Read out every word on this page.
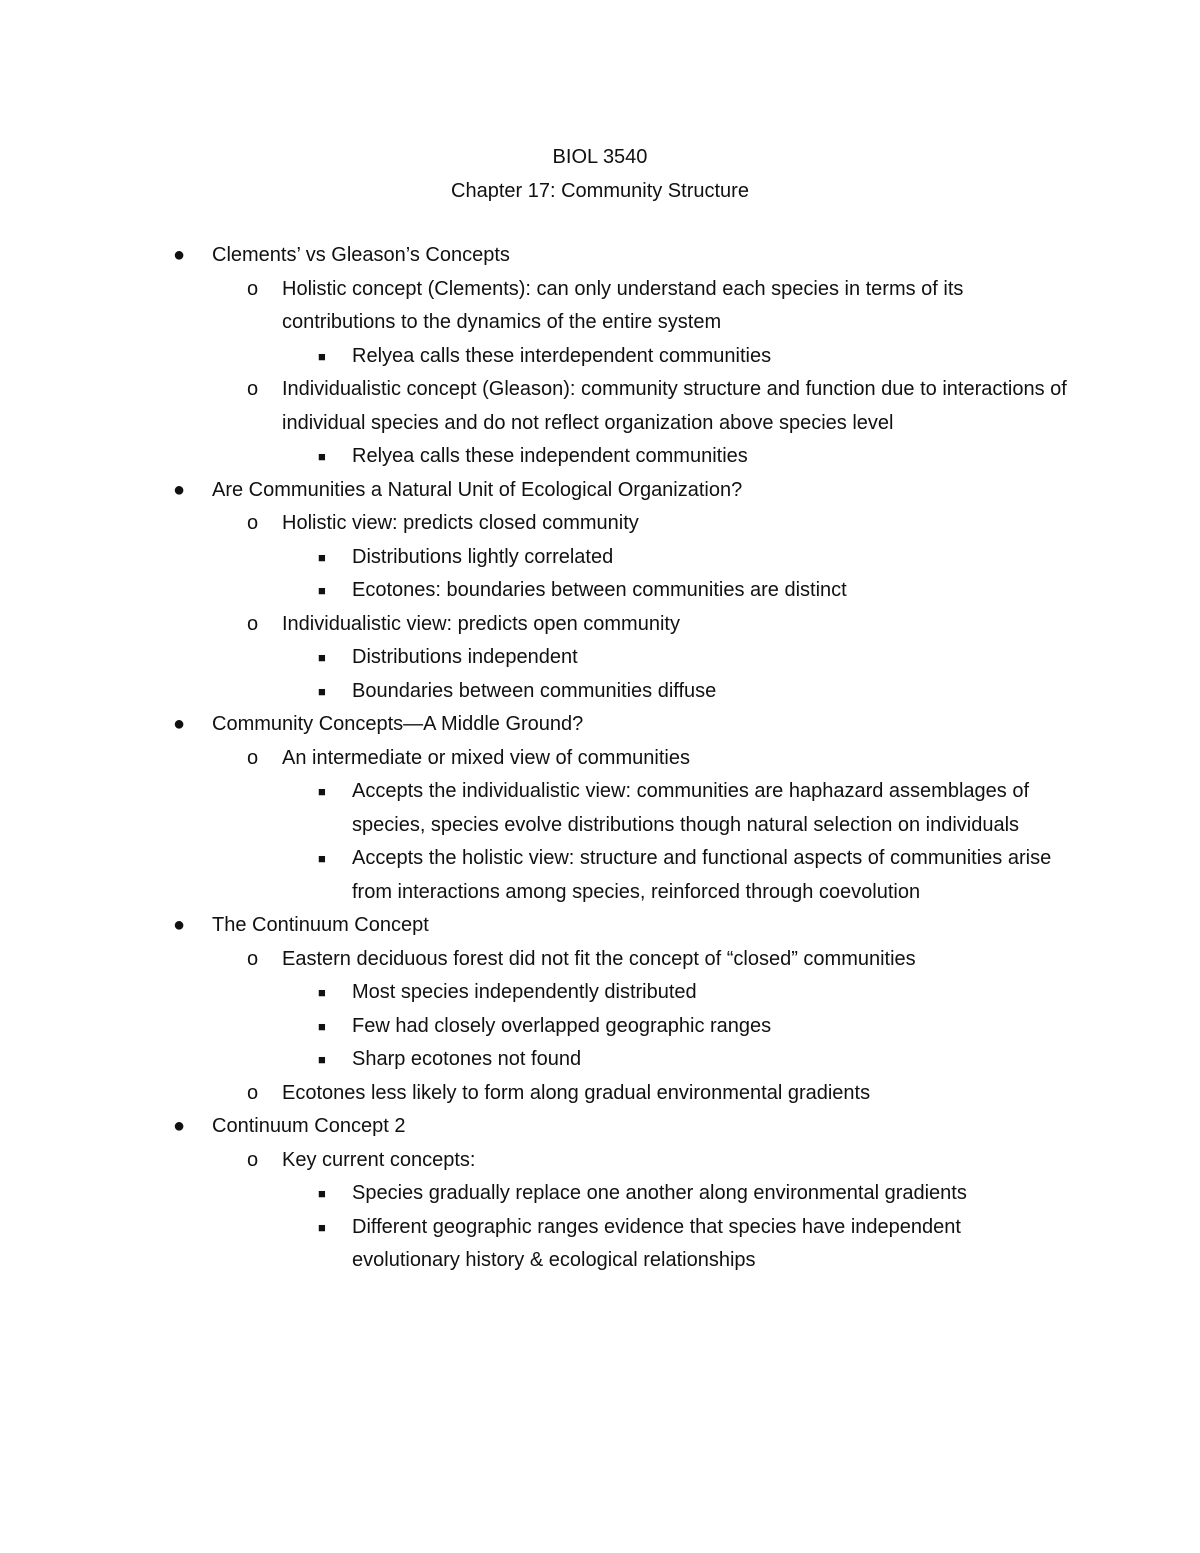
BIOL 3540

Chapter 17: Community Structure

● Clements’ vs Gleason’s Concepts
o Holistic concept (Clements): can only understand each species in terms of its contributions to the dynamics of the entire system
■ Relyea calls these interdependent communities
o Individualistic concept (Gleason): community structure and function due to interactions of individual species and do not reflect organization above species level
■ Relyea calls these independent communities
● Are Communities a Natural Unit of Ecological Organization?
o Holistic view: predicts closed community
■ Distributions lightly correlated
■ Ecotones: boundaries between communities are distinct
o Individualistic view: predicts open community
■ Distributions independent
■ Boundaries between communities diffuse
● Community Concepts—A Middle Ground?
o An intermediate or mixed view of communities
■ Accepts the individualistic view: communities are haphazard assemblages of species, species evolve distributions though natural selection on individuals
■ Accepts the holistic view: structure and functional aspects of communities arise from interactions among species, reinforced through coevolution
● The Continuum Concept
o Eastern deciduous forest did not fit the concept of “closed” communities
■ Most species independently distributed
■ Few had closely overlapped geographic ranges
■ Sharp ecotones not found
o Ecotones less likely to form along gradual environmental gradients
● Continuum Concept 2
o Key current concepts:
■ Species gradually replace one another along environmental gradients
■ Different geographic ranges evidence that species have independent evolutionary history & ecological relationships
